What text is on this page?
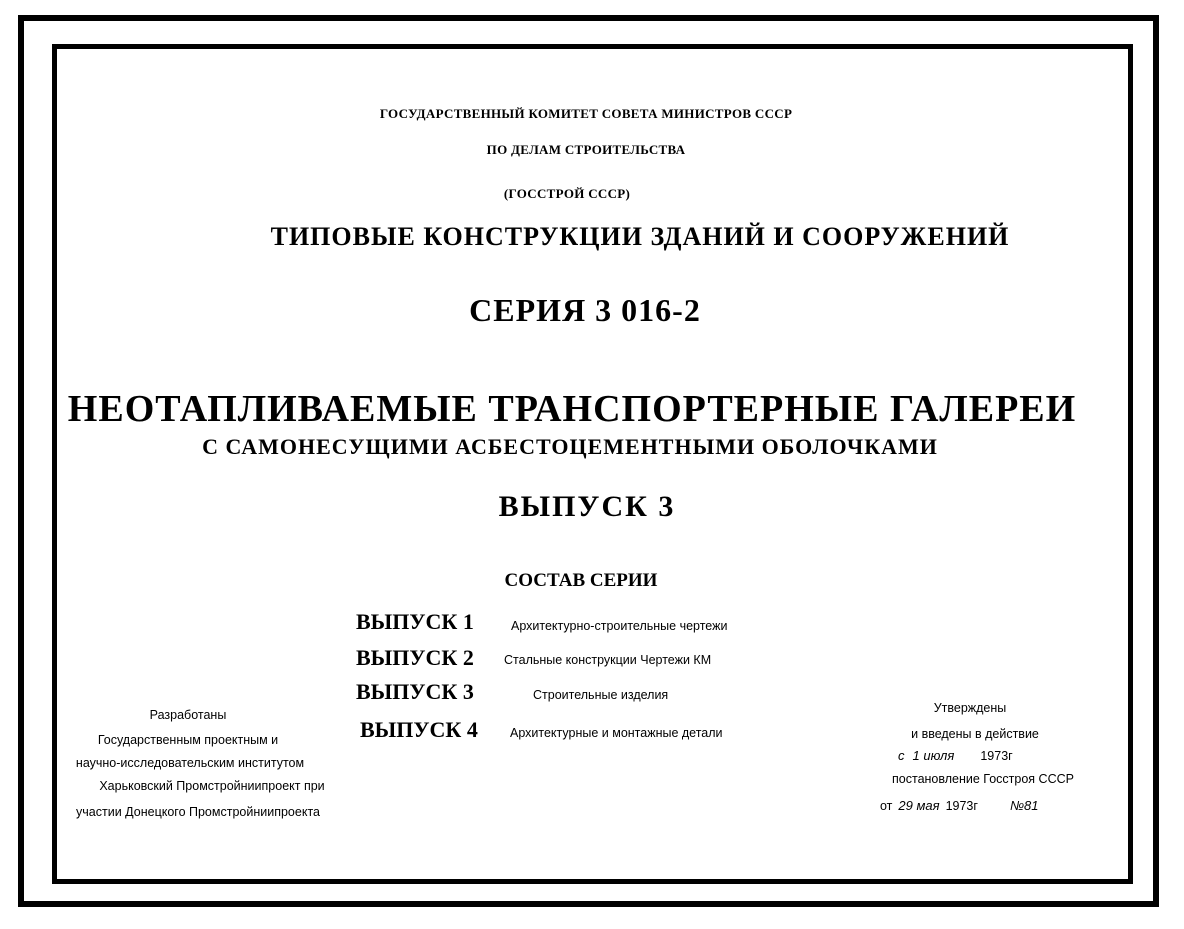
ГОСУДАРСТВЕННЫЙ КОМИТЕТ СОВЕТА МИНИСТРОВ СССР
ПО ДЕЛАМ СТРОИТЕЛЬСТВА
(ГОССТРОЙ СССР)
ТИПОВЫЕ КОНСТРУКЦИИ ЗДАНИЙ И СООРУЖЕНИЙ
СЕРИЯ 3 016-2
НЕОТАПЛИВАЕМЫЕ ТРАНСПОРТЕРНЫЕ ГАЛЕРЕИ
С САМОНЕСУЩИМИ АСБЕСТОЦЕМЕНТНЫМИ ОБОЛОЧКАМИ
ВЫПУСК 3
СОСТАВ СЕРИИ
ВЫПУСК 1	Архитектурно-строительные чертежи
ВЫПУСК 2 Стальные конструкции Чертежи КМ
ВЫПУСК 3	Строительные изделия
ВЫПУСК 4	Архитектурные и монтажные детали
Разработаны
Государственным проектным и
научно-исследовательским институтом
Харьковский Промстройниипроект при
участии Донецкого Промстройниипроекта
Утверждены
и введены в действие
с 1 июля 1973г
постановление Госстроя СССР
от 29 мая 1973г №81
